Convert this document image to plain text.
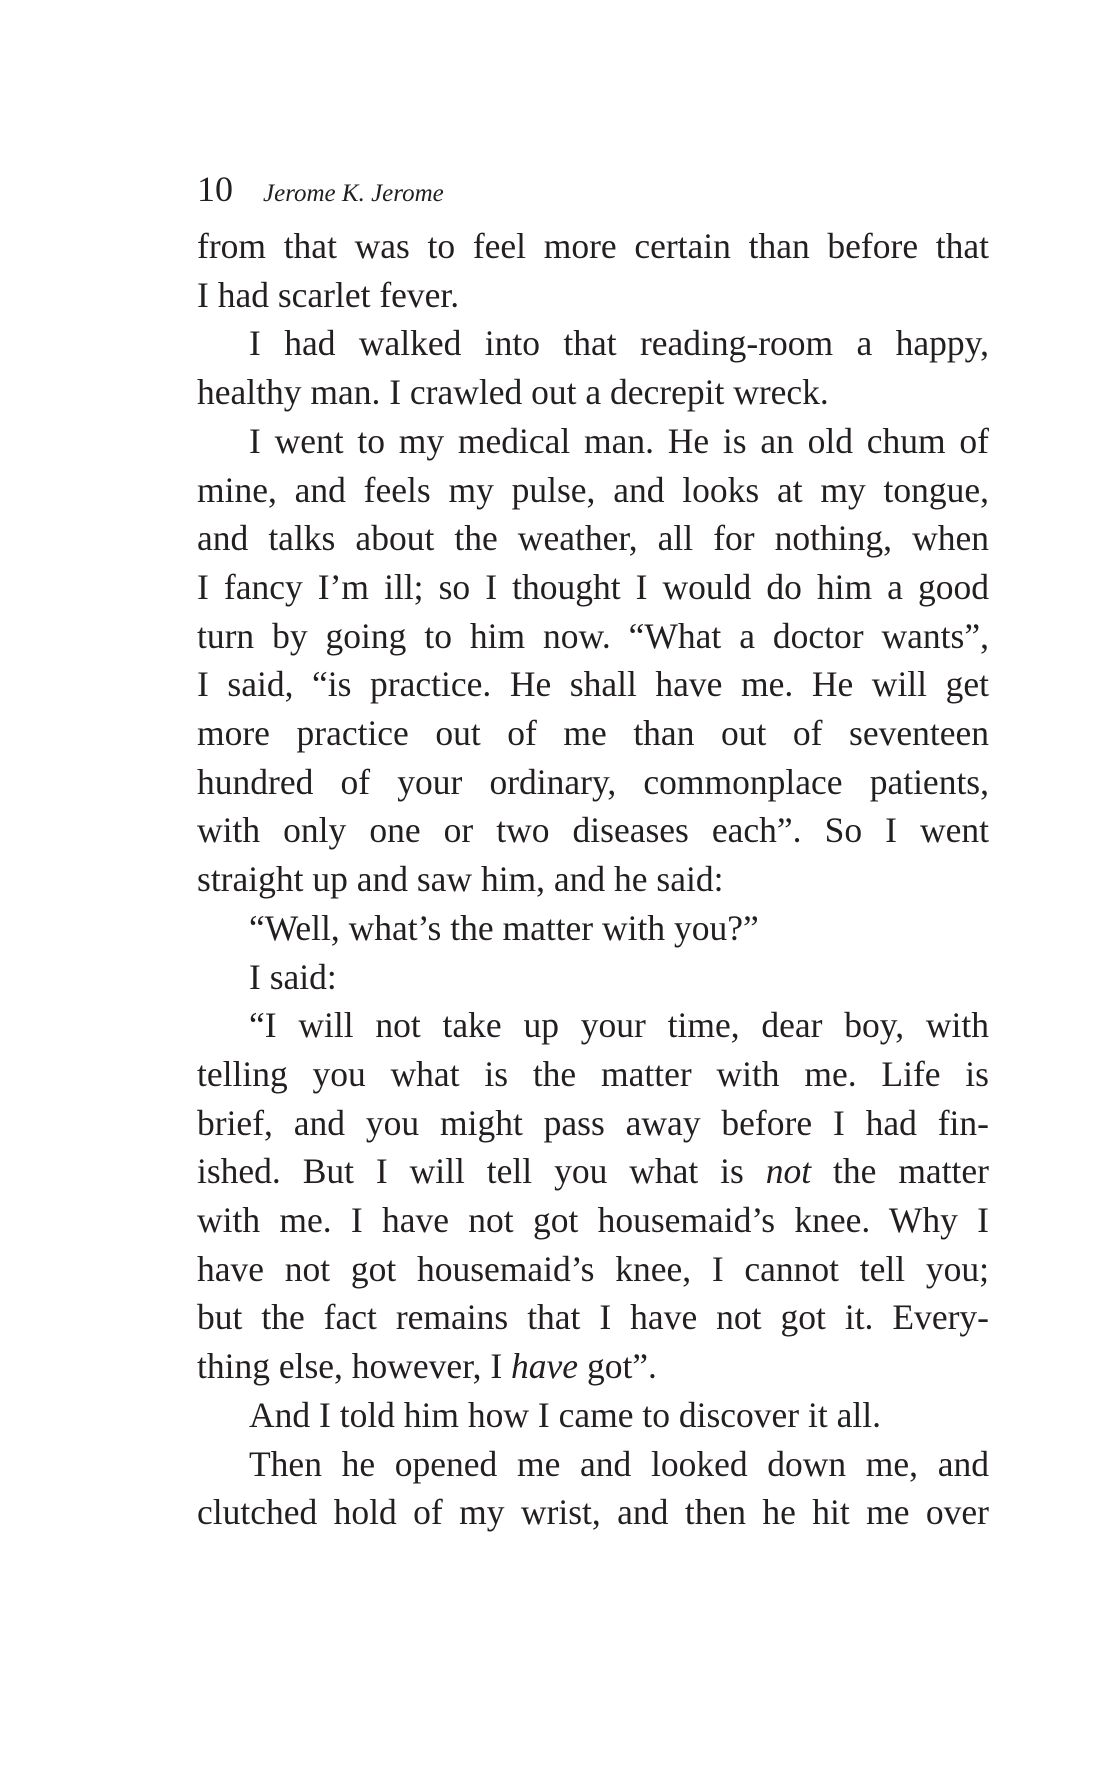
10 Jerome K. Jerome

from that was to feel more certain than before that
I had scarlet fever.

I had walked into that reading-room a happy,
healthy man. I crawled out a decrepit wreck.

I went to my medical man. He is an old chum of
mine, and feels my pulse, and looks at my tongue,
and talks about the weather, all for nothing, when
I fancy I’m ill; so I thought I would do him a good
turn by going to him now. “What a doctor wants”,
I said, “is practice. He shall have me. He will get
more practice out of me than out of seventeen
hundred of your ordinary, commonplace patients,
with only one or two diseases each”. So I went
straight up and saw him, and he said:

“Well, what’s the matter with you?”

I said:

“I will not take up your time, dear boy, with
telling you what is the matter with me. Life is
brief, and you might pass away before I had fin-
ished. But I will tell you what is not the matter
with me. I have not got housemaid’s knee. Why I
have not got housemaid’s knee, I cannot tell you;
but the fact remains that I have not got it. Every-
thing else, however, I have got”.

And I told him how I came to discover it all.

Then he opened me and looked down me, and
clutched hold of my wrist, and then he hit me over
